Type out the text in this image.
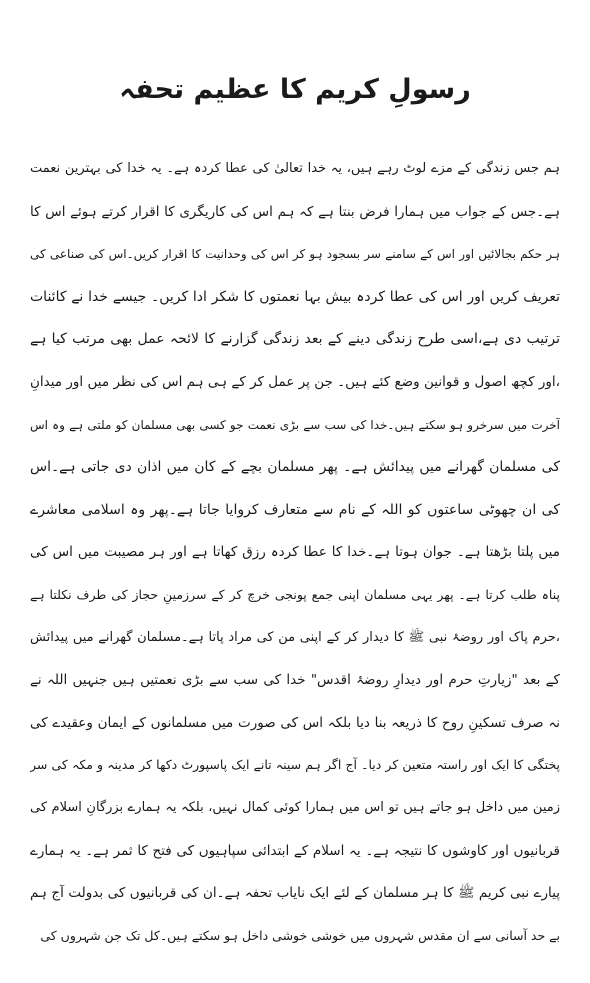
رسولِ کریم کا عظیم تحفہ
ہم جس زندگی کے مزے لوٹ رہے ہیں، یہ خدا تعالیٰ کی عطا کردہ ہے۔ یہ خدا کی بہترین نعمت
ہے۔جس کے جواب میں ہمارا فرض بنتا ہے کہ ہم اس کی کاریگری کا اقرار کرتے ہوئے اس کا
ہر حکم بجالائیں اور اس کے سامنے سر بسجود ہو کر اس کی وحدانیت کا اقرار کریں۔اس کی صناعی کی
تعریف کریں اور اس کی عطا کردہ بیش بہا نعمتوں کا شکر ادا کریں۔ جیسے خدا نے کائنات
ترتیب دی ہے،اسی طرح زندگی دینے کے بعد زندگی گزارنے کا لائحہ عمل بھی مرتب کیا ہے
،اور کچھ اصول و قوانین وضع کئے ہیں۔ جن پر عمل کر کے ہی ہم اس کی نظر میں اور میدانِ
آخرت میں سرخرو ہو سکتے ہیں۔خدا کی سب سے بڑی نعمت جو کسی بھی مسلمان کو ملتی ہے وہ اس
کی مسلمان گھرانے میں پیدائش ہے۔ پھر مسلمان بچے کے کان میں اذان دی جاتی ہے۔اس
کی ان چھوٹی ساعتوں کو اللہ کے نام سے متعارف کروایا جاتا ہے۔پھر وہ اسلامی معاشرے
میں پلتا بڑھتا ہے۔ جوان ہوتا ہے۔خدا کا عطا کردہ رزق کھاتا ہے اور ہر مصیبت میں اس کی
پناہ طلب کرتا ہے۔ پھر یہی مسلمان اپنی جمع پونجی خرچ کر کے سرزمینِ حجاز کی طرف نکلتا ہے
،حرم پاک اور روضۂ نبی ﷺ کا دیدار کر کے اپنی من کی مراد پاتا ہے۔مسلمان گھرانے میں پیدائش
کے بعد "زیارتِ حرم اور دیدارِ روضۂ اقدس" خدا کی سب سے بڑی نعمتیں ہیں جنہیں اللہ نے
نہ صرف تسکینِ روح کا ذریعہ بنا دیا بلکہ اس کی صورت میں مسلمانوں کے ایمان وعقیدے کی
پختگی کا ایک اور راستہ متعین کر دیا۔ آج اگر ہم سینہ تانے ایک پاسپورٹ دکھا کر مدینہ و مکہ کی سر
زمین میں داخل ہو جاتے ہیں تو اس میں ہمارا کوئی کمال نہیں، بلکہ یہ ہمارے بزرگانِ اسلام کی
قربانیوں اور کاوشوں کا نتیجہ ہے۔ یہ اسلام کے ابتدائی سپاہیوں کی فتح کا ثمر ہے۔ یہ ہمارے
پیارے نبی کریم ﷺ کا ہر مسلمان کے لئے ایک نایاب تحفہ ہے۔ان کی قربانیوں کی بدولت آج ہم
بے حد آسانی سے ان مقدس شہروں میں خوشی خوشی داخل ہو سکتے ہیں۔کل تک جن شہروں کی
